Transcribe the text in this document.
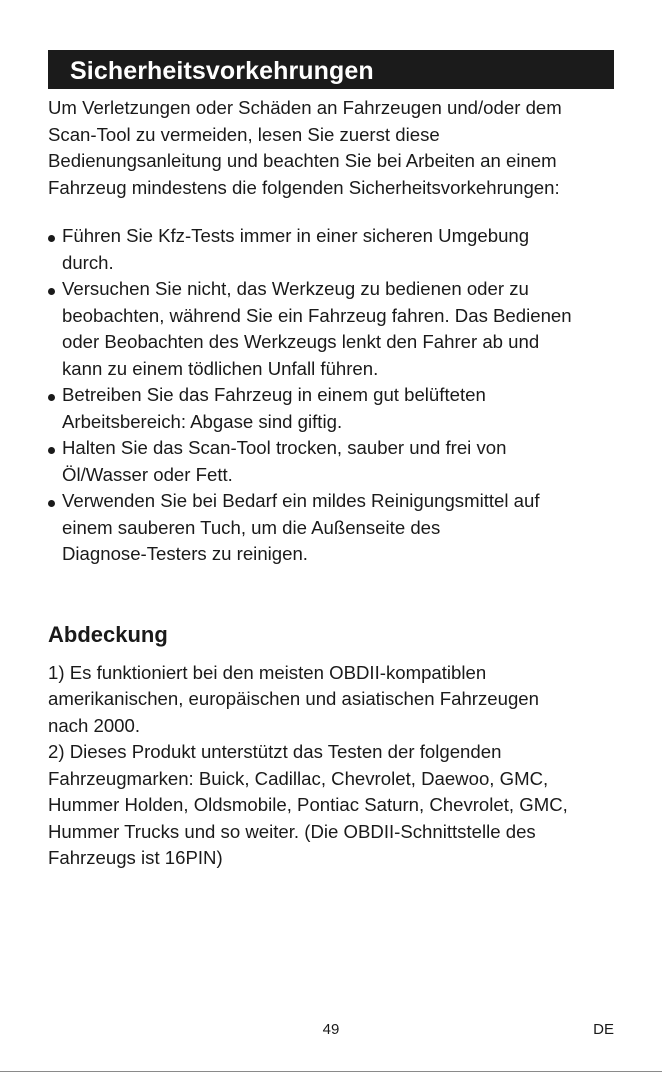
Sicherheitsvorkehrungen

Um Verletzungen oder Schäden an Fahrzeugen und/oder dem
Scan-Tool zu vermeiden, lesen Sie zuerst diese
Bedienungsanleitung und beachten Sie bei Arbeiten an einem
Fahrzeug mindestens die folgenden Sicherheitsvorkehrungen:

Führen Sie Kfz-Tests immer in einer sicheren Umgebung
durch.
Versuchen Sie nicht, das Werkzeug zu bedienen oder zu
beobachten, während Sie ein Fahrzeug fahren. Das Bedienen
oder Beobachten des Werkzeugs lenkt den Fahrer ab und
kann zu einem tödlichen Unfall führen.
Betreiben Sie das Fahrzeug in einem gut belüfteten
Arbeitsbereich: Abgase sind giftig.
Halten Sie das Scan-Tool trocken, sauber und frei von
Öl/Wasser oder Fett.
Verwenden Sie bei Bedarf ein mildes Reinigungsmittel auf
einem sauberen Tuch, um die Außenseite des
Diagnose-Testers zu reinigen.
Abdeckung

1) Es funktioniert bei den meisten OBDII-kompatiblen
amerikanischen, europäischen und asiatischen Fahrzeugen
nach 2000.
2) Dieses Produkt unterstützt das Testen der folgenden
Fahrzeugmarken: Buick, Cadillac, Chevrolet, Daewoo, GMC,
Hummer Holden, Oldsmobile, Pontiac Saturn, Chevrolet, GMC,
Hummer Trucks und so weiter. (Die OBDII-Schnittstelle des
Fahrzeugs ist 16PIN)

49	DE
